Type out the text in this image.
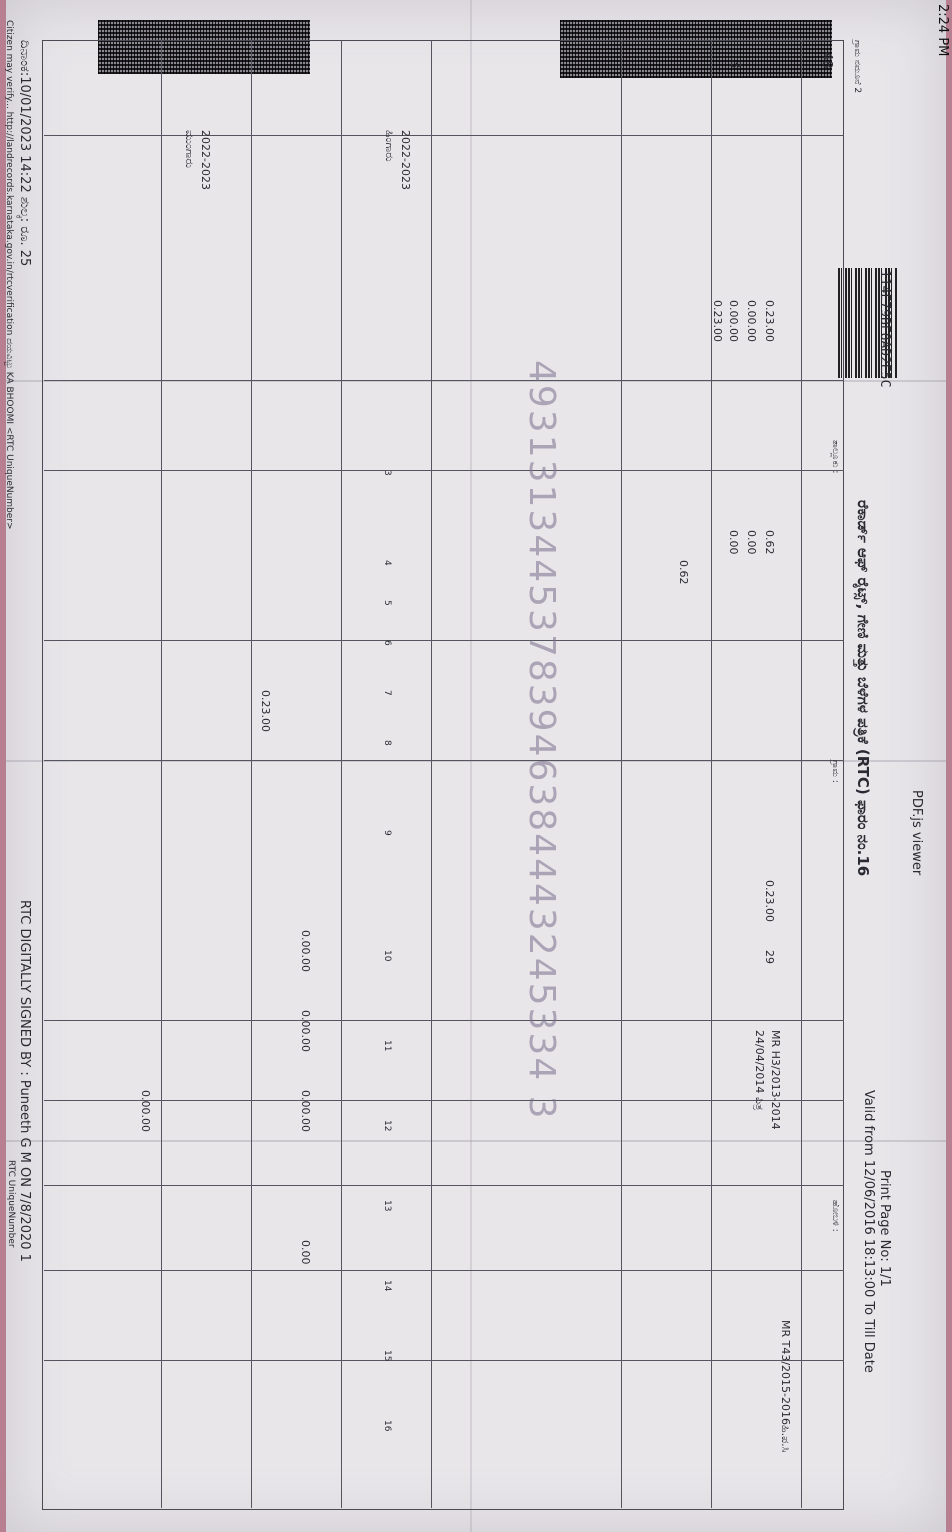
2:24 PM
PDF.js viewer
ರೆಕಾರ್ಡ್ ಆಫ್ ರೈಟ್ಸ್, ಗೇಣಿ ಮತ್ತು ಬೆಳೆಗಳ ಪತ್ರಿಕೆ (RTC) ಫಾರಂ ನಂ.16
ಗ್ರಾಮ ನಮೂನೆ 2
114E79BF8AD2E5C
Print Page No: 1/1
Valid from 12/06/2016 18:13:00 To Till Date
48
3
ತಾಲ್ಲೂಕು :
ಗ್ರಾಮ :
ಹೋಬಳಿ :
0.23.00
0.00.00
0.00.00
0.23.00
0.62
0.00
0.00
0.62
0.23.00
29
MR H3/2013-2014
24/04/2014 ಪಿತ್ರ
MR T43/2015-2016ಹಿ.ಪ.ಸಿ
0.23.00
2022-2023
ಹಿಂಗಾರು
2022-2023
ಮುಂಗಾರು
0.00.00
0.00.00
0.00.00
0.00.00
0.00
3
4
5
6
7
8
9
10
11
12
13
14
15
16
49313134453783946384443245334 3
ದಿನಾಂಕ:10/01/2023 14:22 ಶುಲ್ಕ: ರೂ. 25
RTC DIGITALLY SIGNED BY : Puneeth G M ON 7/8/2020 1
RTC UniqueNumber
Citizen may verify... http://landrecords.karnataka.gov.in/rtcverification ದಯವಿಟ್ಟು KA BHOOMI <RTC UniqueNumber>
